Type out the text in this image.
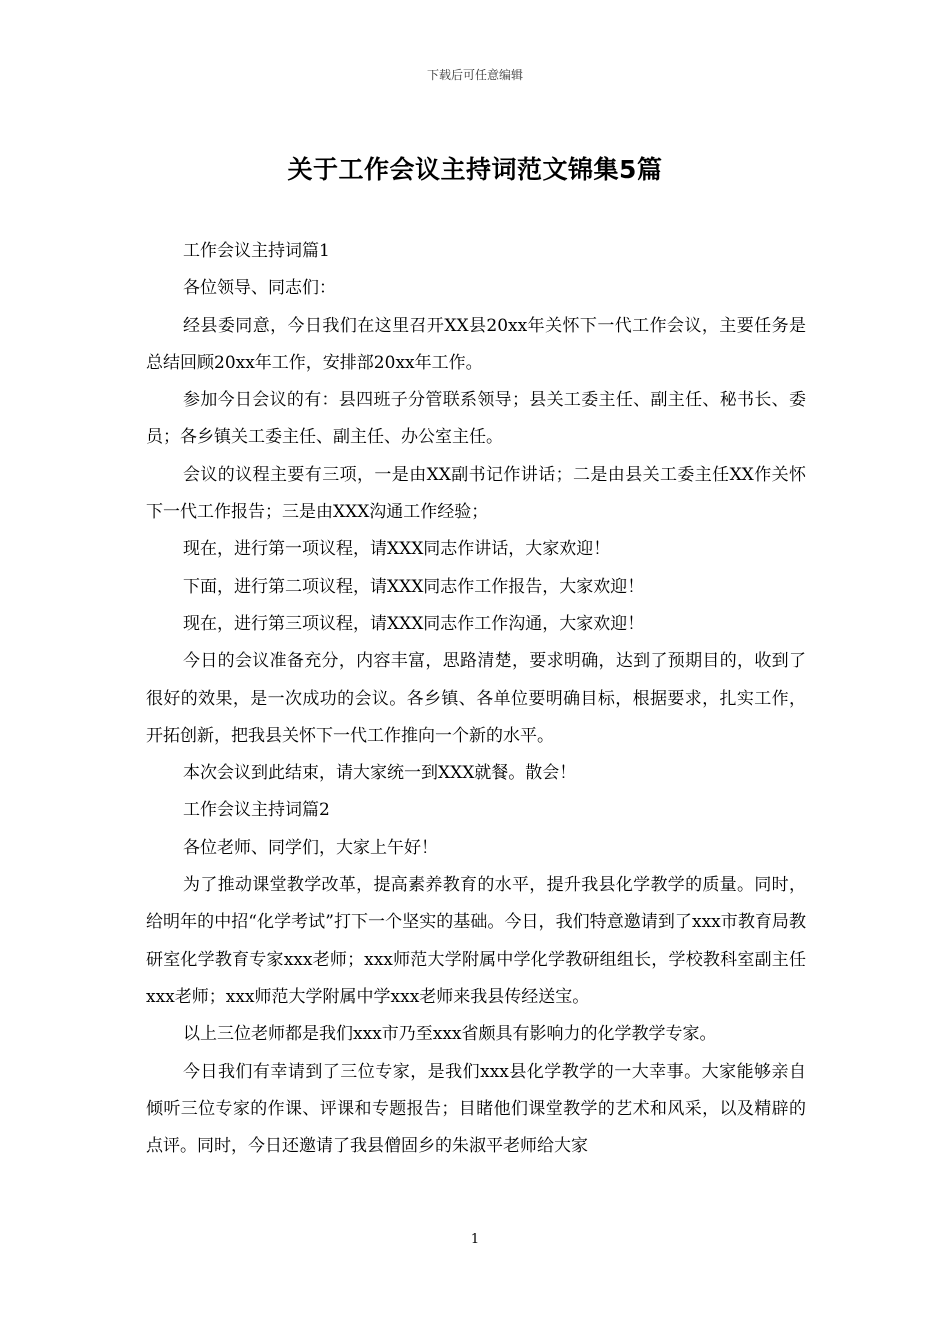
下载后可任意编辑
关于工作会议主持词范文锦集5篇

工作会议主持词篇1

各位领导、同志们：

经县委同意，今日我们在这里召开XX县20xx年关怀下一代工作会议，主要任务是总结回顾20xx年工作，安排部20xx年工作。

参加今日会议的有：县四班子分管联系领导；县关工委主任、副主任、秘书长、委员；各乡镇关工委主任、副主任、办公室主任。

会议的议程主要有三项，一是由XX副书记作讲话；二是由县关工委主任XX作关怀下一代工作报告；三是由XXX沟通工作经验；

现在，进行第一项议程，请XXX同志作讲话，大家欢迎！

下面，进行第二项议程，请XXX同志作工作报告，大家欢迎！

现在，进行第三项议程，请XXX同志作工作沟通，大家欢迎！

今日的会议准备充分，内容丰富，思路清楚，要求明确，达到了预期目的，收到了很好的效果，是一次成功的会议。各乡镇、各单位要明确目标，根据要求，扎实工作，开拓创新，把我县关怀下一代工作推向一个新的水平。

本次会议到此结束，请大家统一到XXX就餐。散会！

工作会议主持词篇2

各位老师、同学们，大家上午好！

为了推动课堂教学改革，提高素养教育的水平，提升我县化学教学的质量。同时，给明年的中招“化学考试”打下一个坚实的基础。今日，我们特意邀请到了xxx市教育局教研室化学教育专家xxx老师；xxx师范大学附属中学化学教研组组长，学校教科室副主任xxx老师；xxx师范大学附属中学xxx老师来我县传经送宝。

以上三位老师都是我们xxx市乃至xxx省颇具有影响力的化学教学专家。

今日我们有幸请到了三位专家，是我们xxx县化学教学的一大幸事。大家能够亲自倾听三位专家的作课、评课和专题报告；目睹他们课堂教学的艺术和风采，以及精辟的点评。同时，今日还邀请了我县僧固乡的朱淑平老师给大家

1
